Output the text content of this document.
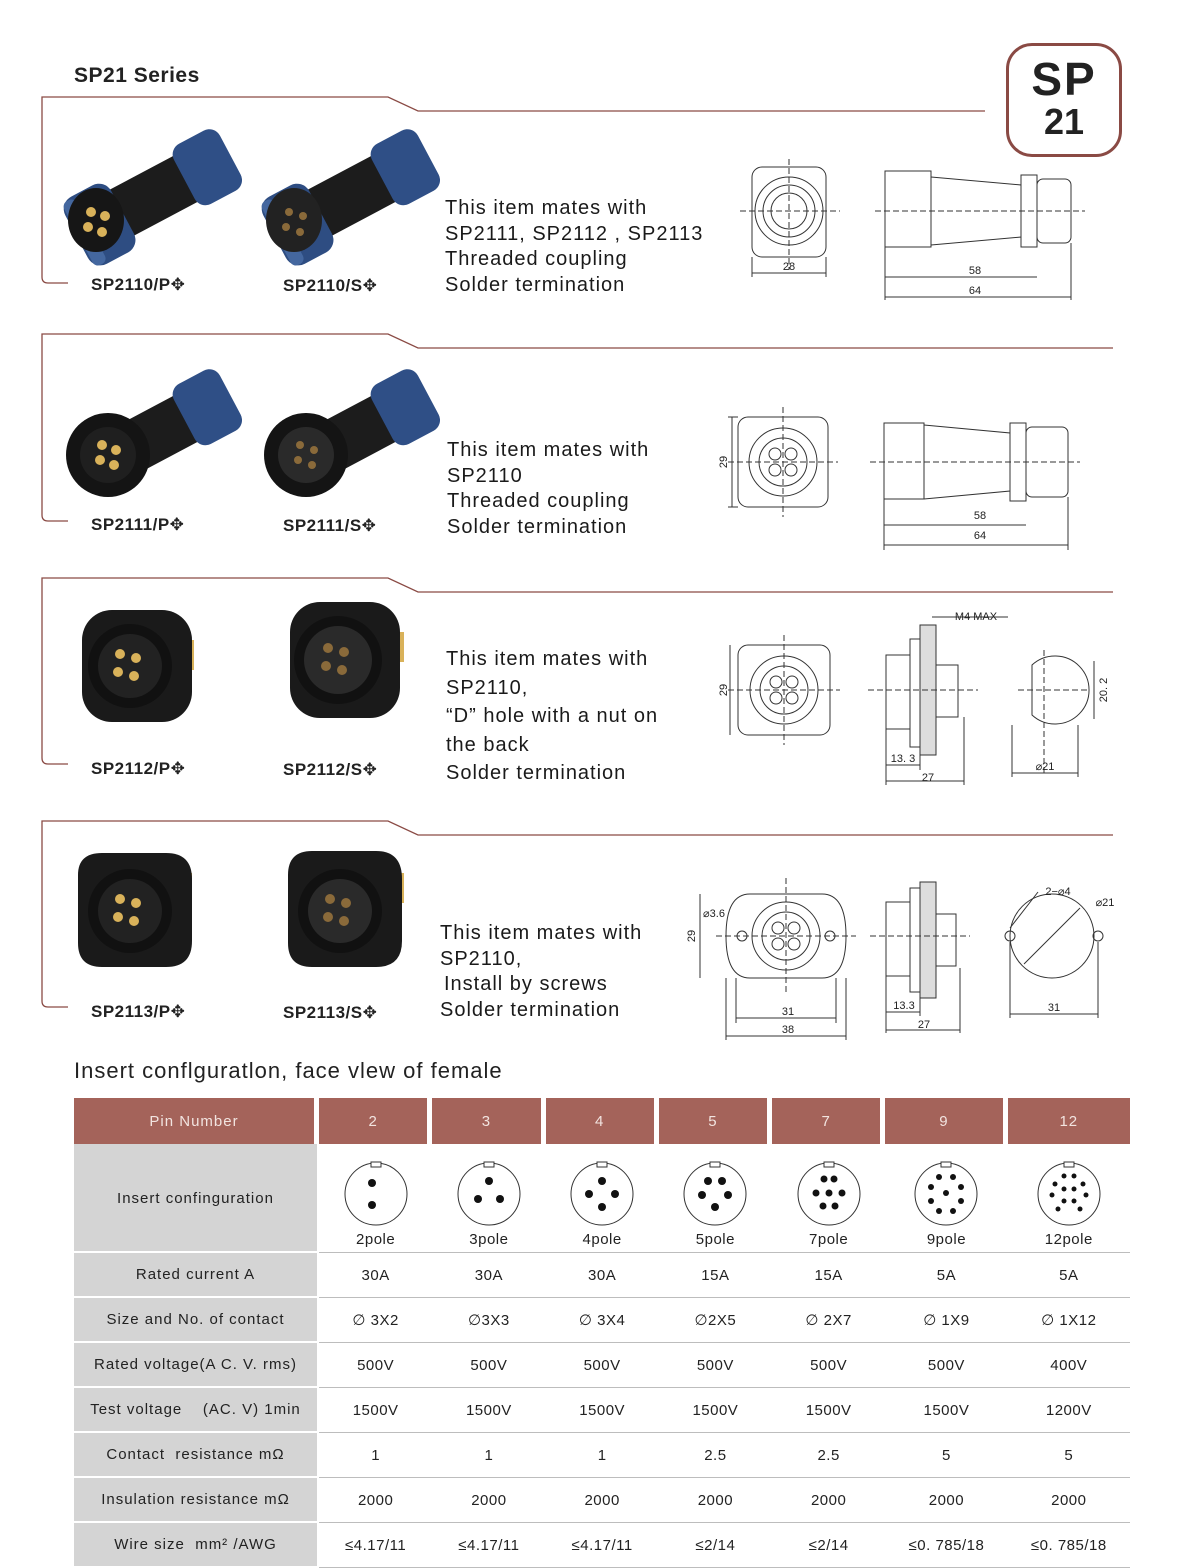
SP21 Series	SP
21
SP2110/P✥	SP2110/S✥
This item mates with
SP2111, SP2112 , SP2113
Threaded coupling
Solder termination
28	58
64
SP2111/P✥	SP2111/S✥
This item mates with
SP2110
Threaded coupling
Solder termination
29
58
64
SP2112/P✥	SP2112/S✥
This item mates with
SP2110,
“D” hole with a nut on
the back
Solder termination
29
M4 MAX
13. 3
27
20. 2
⌀21
SP2113/P✥	SP2113/S✥
This item mates with
SP2110,
Install by screws
Solder termination
29
⌀3.6
31
38
13.3
27
2−⌀4
⌀21
31
Insert conflguratlon, face vlew of female
Pin Number	2	3	4	5	7	9	12
Insert confinguration	2pole	3pole	4pole	5pole	7pole	9pole	12pole

Rated current A	30A	30A	30A	15A	15A	5A	5A
Size and No. of contact	∅ 3X2	∅3X3	∅ 3X4	∅2X5	∅ 2X7	∅ 1X9	∅ 1X12
Rated voltage(A C. V. rms)	500V	500V	500V	500V	500V	500V	400V
Test voltage    (AC. V) 1min	1500V	1500V	1500V	1500V	1500V	1500V	1200V
Contact  resistance mΩ	1	1	1	2.5	2.5	5	5
Insulation resistance mΩ	2000	2000	2000	2000	2000	2000	2000
Wire size  mm² /AWG	≤4.17/11	≤4.17/11	≤4.17/11	≤2/14	≤2/14	≤0. 785/18	≤0. 785/18
